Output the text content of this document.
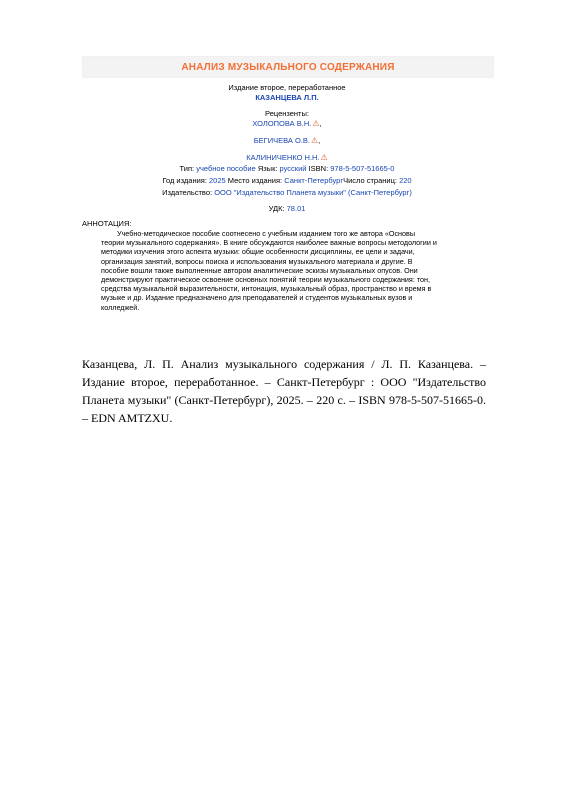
АНАЛИЗ МУЗЫКАЛЬНОГО СОДЕРЖАНИЯ
Издание второе, переработанное
КАЗАНЦЕВА Л.П.
Рецензенты:
ХОЛОПОВА В.Н.⚠,
БЕГИЧЕВА О.В.⚠,
КАЛИНИЧЕНКО Н.Н.⚠
Тип: учебное пособие Язык: русский ISBN: 978-5-507-51665-0
Год издания: 2025 Место издания: Санкт-ПетербургЧисло страниц: 220
Издательство: ООО "Издательство Планета музыки" (Санкт-Петербург)
УДК: 78.01
АННОТАЦИЯ:
Учебно-методическое пособие соотнесено с учебным изданием того же автора «Основы теории музыкального содержания». В книге обсуждаются наиболее важные вопросы методологии и методики изучения этого аспекта музыки: общие особенности дисциплины, ее цели и задачи, организация занятий, вопросы поиска и использования музыкального материала и другие. В пособие вошли также выполненные автором аналитические эскизы музыкальных опусов. Они демонстрируют практическое освоение основных понятий теории музыкального содержания: тон, средства музыкальной выразительности, интонация, музыкальный образ, пространство и время в музыке и др. Издание предназначено для преподавателей и студентов музыкальных вузов и колледжей.
Казанцева, Л. П. Анализ музыкального содержания / Л. П. Казанцева. – Издание второе, переработанное. – Санкт-Петербург : ООО "Издательство Планета музыки" (Санкт-Петербург), 2025. – 220 с. – ISBN 978-5-507-51665-0. – EDN AMTZXU.
